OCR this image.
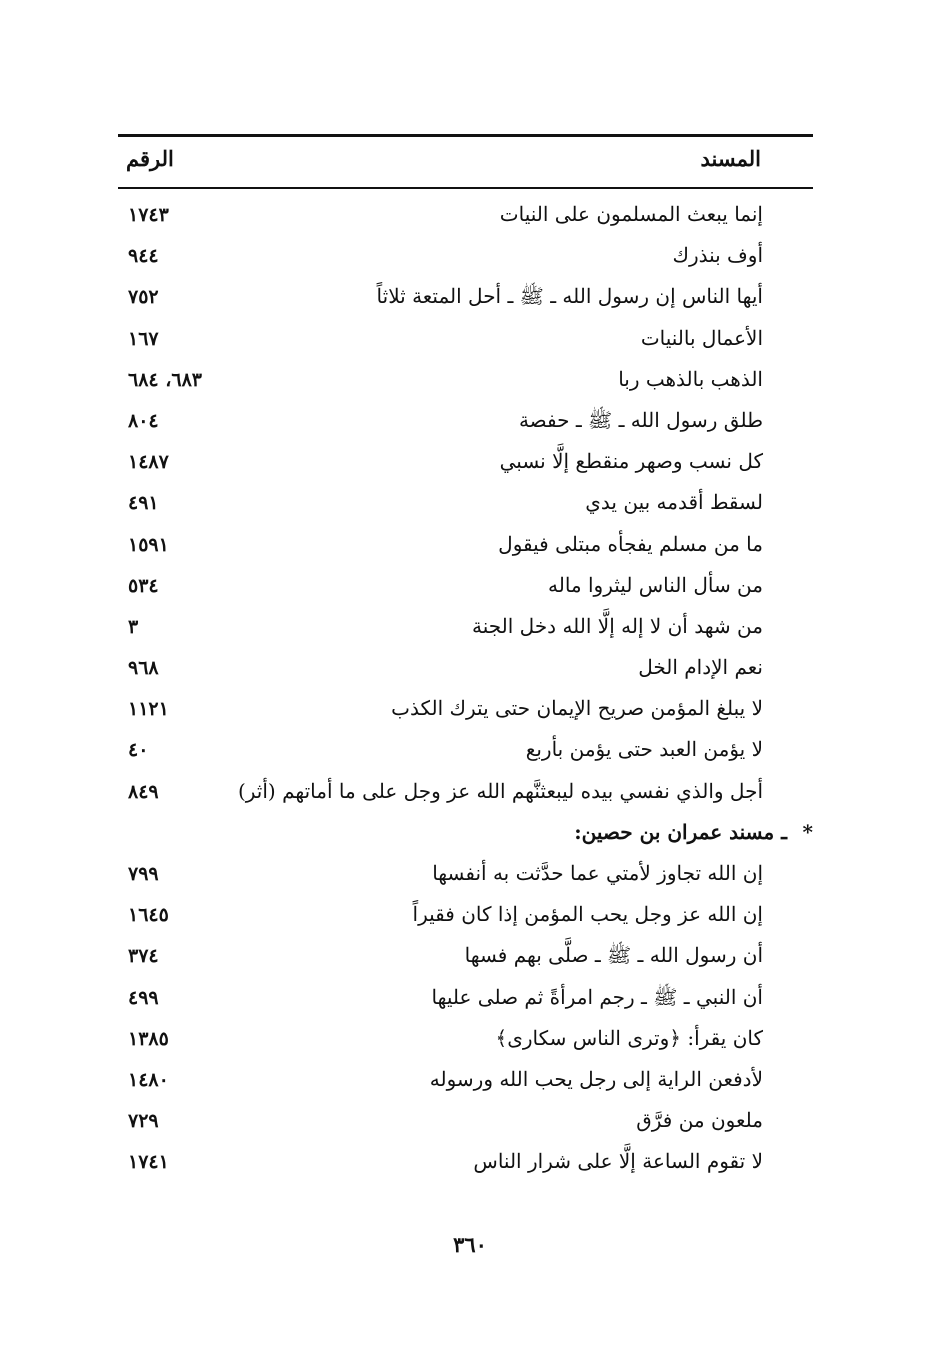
المسند
الرقم
إنما يبعث المسلمون على النيات
١٧٤٣
أوف بنذرك
٩٤٤
أيها الناس إن رسول الله ـ ﷺ ـ أحل المتعة ثلاثاً
٧٥٢
الأعمال بالنيات
١٦٧
الذهب بالذهب ربا
٦٨٣، ٦٨٤
طلق رسول الله ـ ﷺ ـ حفصة
٨٠٤
كل نسب وصهر منقطع إلَّا نسبي
١٤٨٧
لسقط أقدمه بين يدي
٤٩١
ما من مسلم يفجأه مبتلى فيقول
١٥٩١
من سأل الناس ليثروا ماله
٥٣٤
من شهد أن لا إله إلَّا الله دخل الجنة
٣
نعم الإدام الخل
٩٦٨
لا يبلغ المؤمن صريح الإيمان حتى يترك الكذب
١١٢١
لا يؤمن العبد حتى يؤمن بأربع
٤٠
أجل والذي نفسي بيده ليبعثنَّهم الله عز وجل على ما أماتهم (أثر)
٨٤٩
*
ـ مسند عمران بن حصين:
إن الله تجاوز لأمتي عما حدَّثت به أنفسها
٧٩٩
إن الله عز وجل يحب المؤمن إذا كان فقيراً
١٦٤٥
أن رسول الله ـ ﷺ ـ صلَّى بهم فسها
٣٧٤
أن النبي ـ ﷺ ـ رجم امرأةً ثم صلى عليها
٤٩٩
كان يقرأ: ﴿وترى الناس سكارى﴾
١٣٨٥
لأدفعن الراية إلى رجل يحب الله ورسوله
١٤٨٠
ملعون من فرَّق
٧٢٩
لا تقوم الساعة إلَّا على شرار الناس
١٧٤١
٣٦٠
